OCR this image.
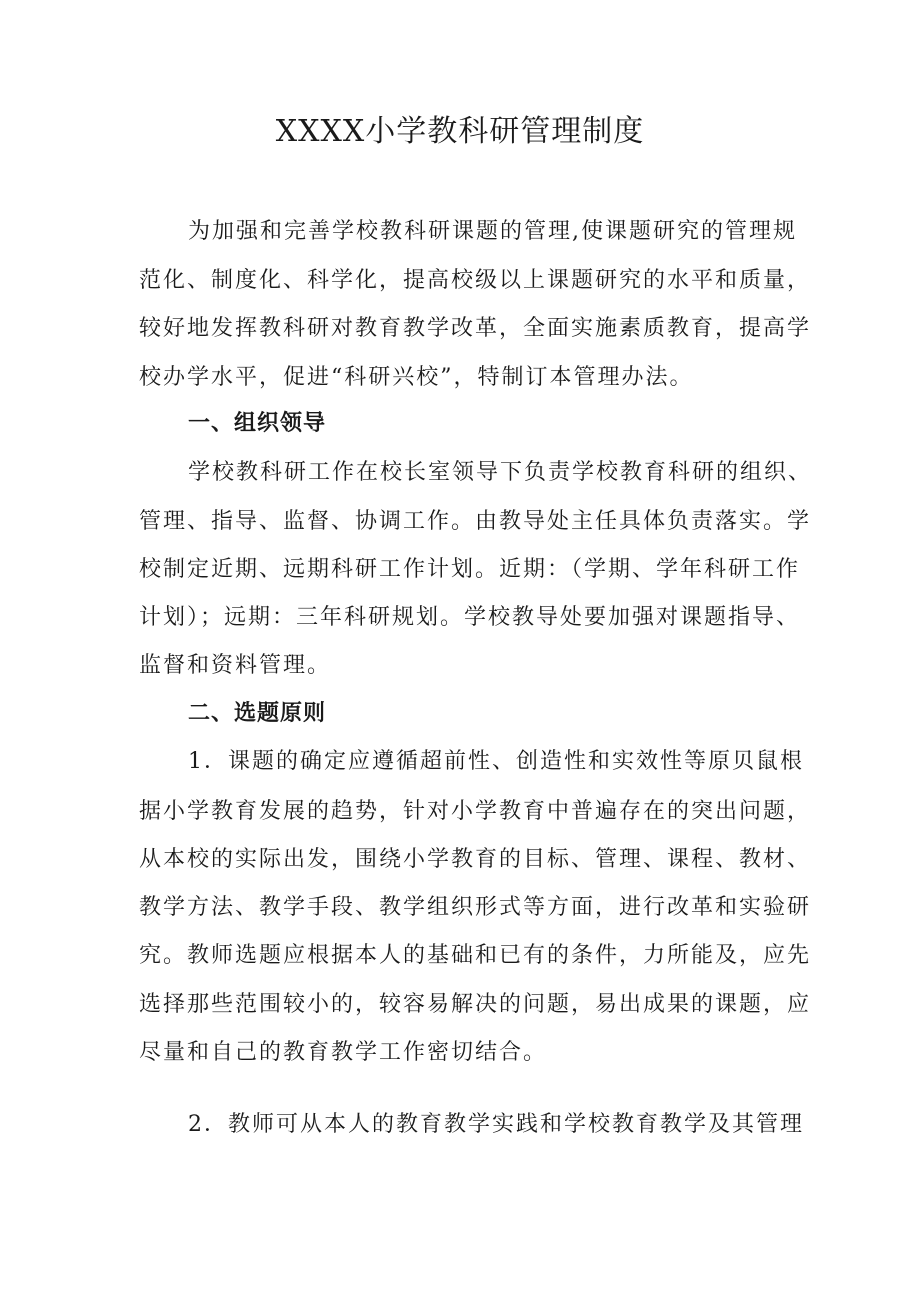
XXXX小学教科研管理制度
为加强和完善学校教科研课题的管理,使课题研究的管理规
范化、制度化、科学化，提高校级以上课题研究的水平和质量，
较好地发挥教科研对教育教学改革，全面实施素质教育，提高学
校办学水平，促进“科研兴校”，特制订本管理办法。
一、组织领导
学校教科研工作在校长室领导下负责学校教育科研的组织、
管理、指导、监督、协调工作。由教导处主任具体负责落实。学
校制定近期、远期科研工作计划。近期：（学期、学年科研工作
计划）；远期：三年科研规划。学校教导处要加强对课题指导、
监督和资料管理。
二、选题原则
1．课题的确定应遵循超前性、创造性和实效性等原贝鼠根
据小学教育发展的趋势，针对小学教育中普遍存在的突出问题，
从本校的实际出发，围绕小学教育的目标、管理、课程、教材、
教学方法、教学手段、教学组织形式等方面，进行改革和实验研
究。教师选题应根据本人的基础和已有的条件，力所能及，应先
选择那些范围较小的，较容易解决的问题，易出成果的课题，应
尽量和自己的教育教学工作密切结合。
2．教师可从本人的教育教学实践和学校教育教学及其管理
